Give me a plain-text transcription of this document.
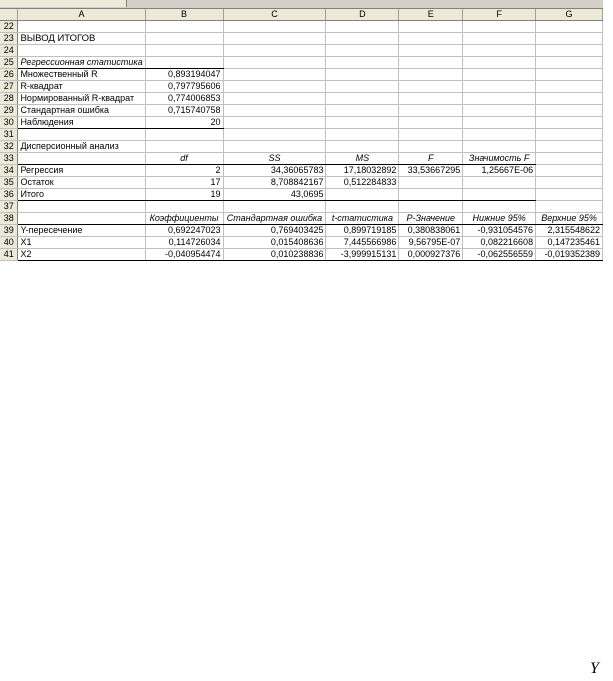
	A	B	C	D	E	F	G
22							
23	ВЫВОД ИТОГОВ						
24							
25	Регрессионная статистика						
26	Множественный R	0,893194047					
27	R-квадрат	0,797795606					
28	Нормированный R-квадрат	0,774006853					
29	Стандартная ошибка	0,715740758					
30	Наблюдения	20					
31							
32	Дисперсионный анализ						
33		df	SS	MS	F	Значимость F	
34	Регрессия	2	34,36065783	17,18032892	33,53667295	1,25667E-06	
35	Остаток	17	8,708842167	0,512284833			
36	Итого	19	43,0695				
37							
38		Коэффициенты	Стандартная ошибка	t-статистика	P-Значение	Нижние 95%	Верхние 95%
39	Y-пересечение	0,692247023	0,769403425	0,899719185	0,380838061	-0,931054576	2,315548622
40	X1	0,114726034	0,015408636	7,445566986	9,56795E-07	0,082216608	0,147235461
41	X2	-0,040954474	0,010238836	-3,999915131	0,000927376	-0,062556559	-0,019352389
Y
